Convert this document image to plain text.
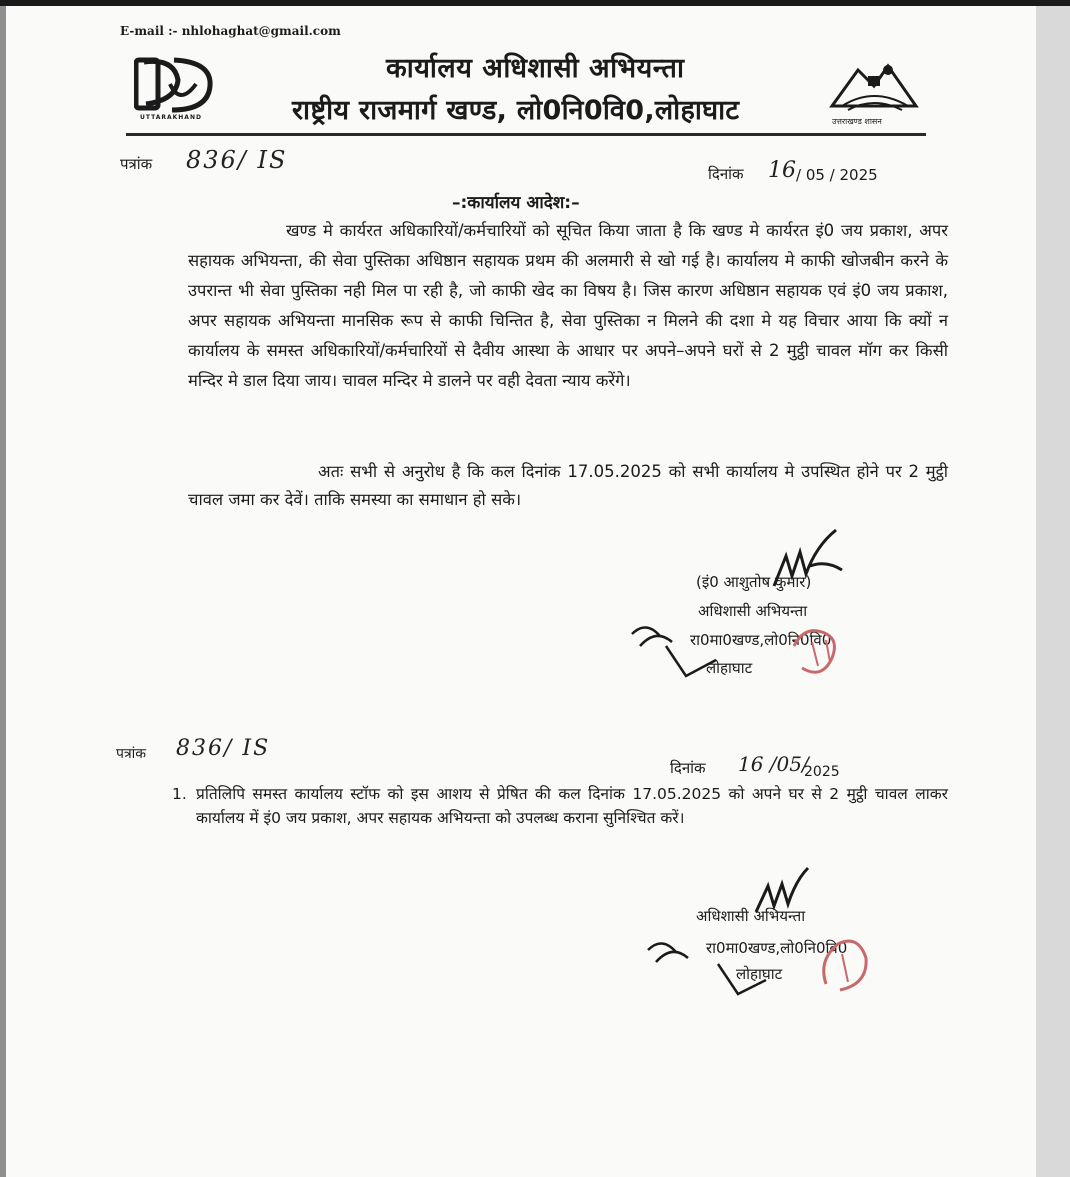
E-mail :- nhlohaghat@gmail.com
UTTARAKHAND
कार्यालय अधिशासी अभियन्ता
राष्ट्रीय राजमार्ग खण्ड, लो0नि0वि0,लोहाघाट	उत्तराखण्ड शासन
पत्रांक 836/ IS	दिनांक 16 / 05 / 2025
–:कार्यालय आदेश:–
खण्ड मे कार्यरत अधिकारियों/कर्मचारियों को सूचित किया जाता है कि खण्ड मे कार्यरत इं0 जय प्रकाश, अपर सहायक अभियन्ता, की सेवा पुस्तिका अधिष्ठान सहायक प्रथम की अलमारी से खो गई है। कार्यालय मे काफी खोजबीन करने के उपरान्त भी सेवा पुस्तिका नही मिल पा रही है, जो काफी खेद का विषय है। जिस कारण अधिष्ठान सहायक एवं इं0 जय प्रकाश, अपर सहायक अभियन्ता मानसिक रूप से काफी चिन्तित है, सेवा पुस्तिका न मिलने की दशा मे यह विचार आया कि क्यों न कार्यालय के समस्त अधिकारियों/कर्मचारियों से दैवीय आस्था के आधार पर अपने–अपने घरों से 2 मुट्ठी चावल मॉग कर किसी मन्दिर मे डाल दिया जाय। चावल मन्दिर मे डालने पर वही देवता न्याय करेंगे।
अतः सभी से अनुरोध है कि कल दिनांक 17.05.2025 को सभी कार्यालय मे उपस्थित होने पर 2 मुट्ठी चावल जमा कर देवें। ताकि समस्या का समाधान हो सके।
(इं0 आशुतोष कुमार)
अधिशासी अभियन्ता
रा0मा0खण्ड,लो0नि0वि0
लोहाघाट
पत्रांक 836/ IS
दिनांक 16 /05/
2025
1. प्रतिलिपि समस्त कार्यालय स्टॉफ को इस आशय से प्रेषित की कल दिनांक 17.05.2025 को अपने घर से 2 मुट्ठी चावल लाकर कार्यालय में इं0 जय प्रकाश, अपर सहायक अभियन्ता को उपलब्ध कराना सुनिश्चित करें।
अधिशासी अभियन्ता
रा0मा0खण्ड,लो0नि0वि0
लोहाघाट
